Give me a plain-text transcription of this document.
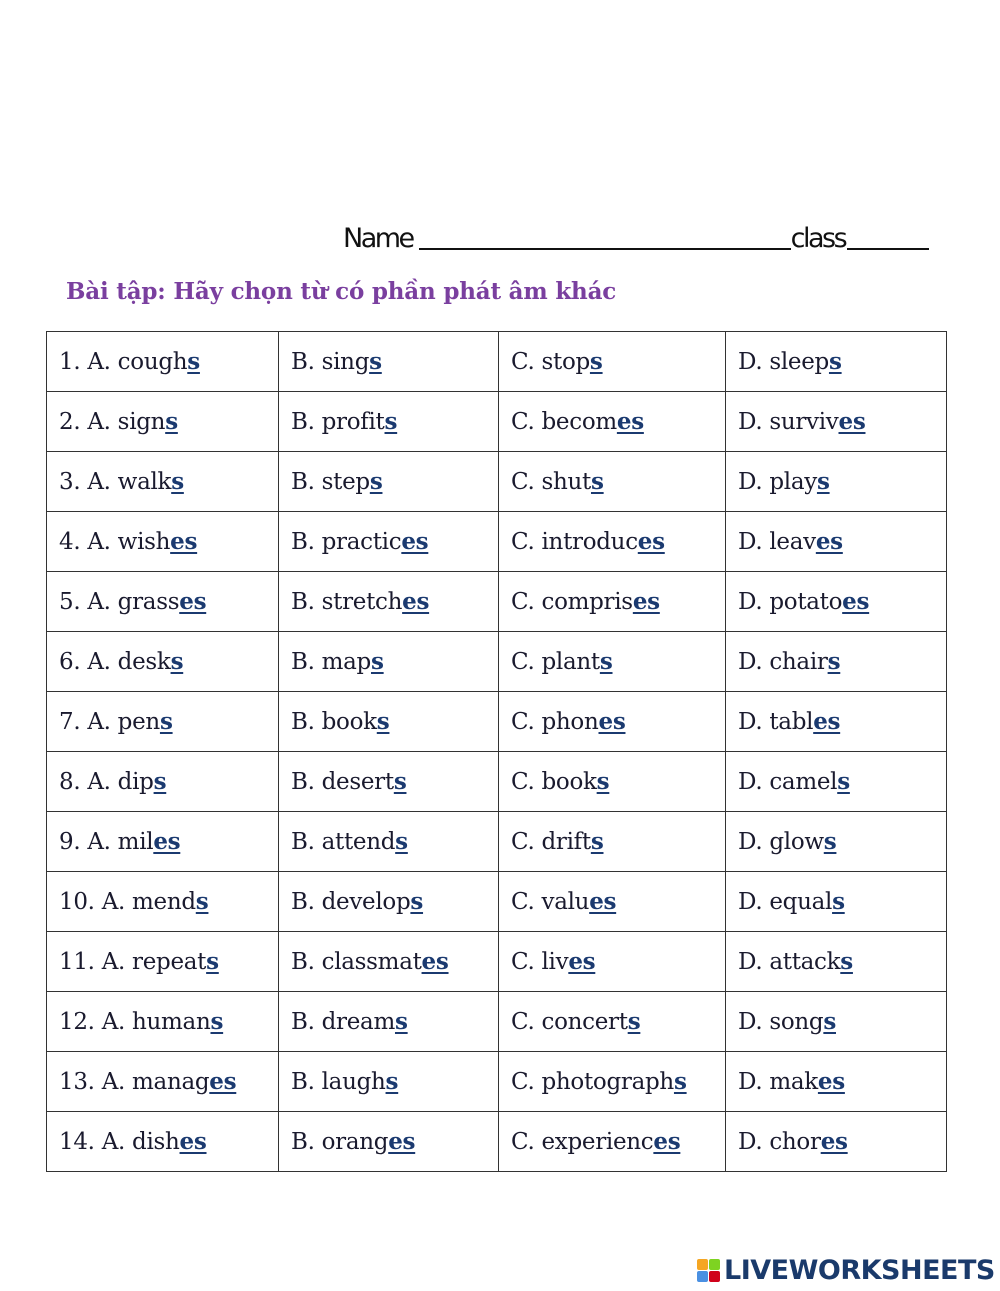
Name	class
Bài tập: Hãy chọn từ có phần phát âm khác
1. A. coughs	B. sings	C. stops	D. sleeps
2. A. signs	B. profits	C. becomes	D. survives
3. A. walks	B. steps	C. shuts	D. plays
4. A. wishes	B. practices	C. introduces	D. leaves
5. A. grasses	B. stretches	C. comprises	D. potatoes
6. A. desks	B. maps	C. plants	D. chairs
7. A. pens	B. books	C. phones	D. tables
8. A. dips	B. deserts	C. books	D. camels
9. A. miles	B. attends	C. drifts	D. glows
10. A. mends	B. develops	C. values	D. equals
11. A. repeats	B. classmates	C. lives	D. attacks
12. A. humans	B. dreams	C. concerts	D. songs
13. A. manages	B. laughs	C. photographs	D. makes
14. A. dishes	B. oranges	C. experiences	D. chores
LIVEWORKSHEETS
